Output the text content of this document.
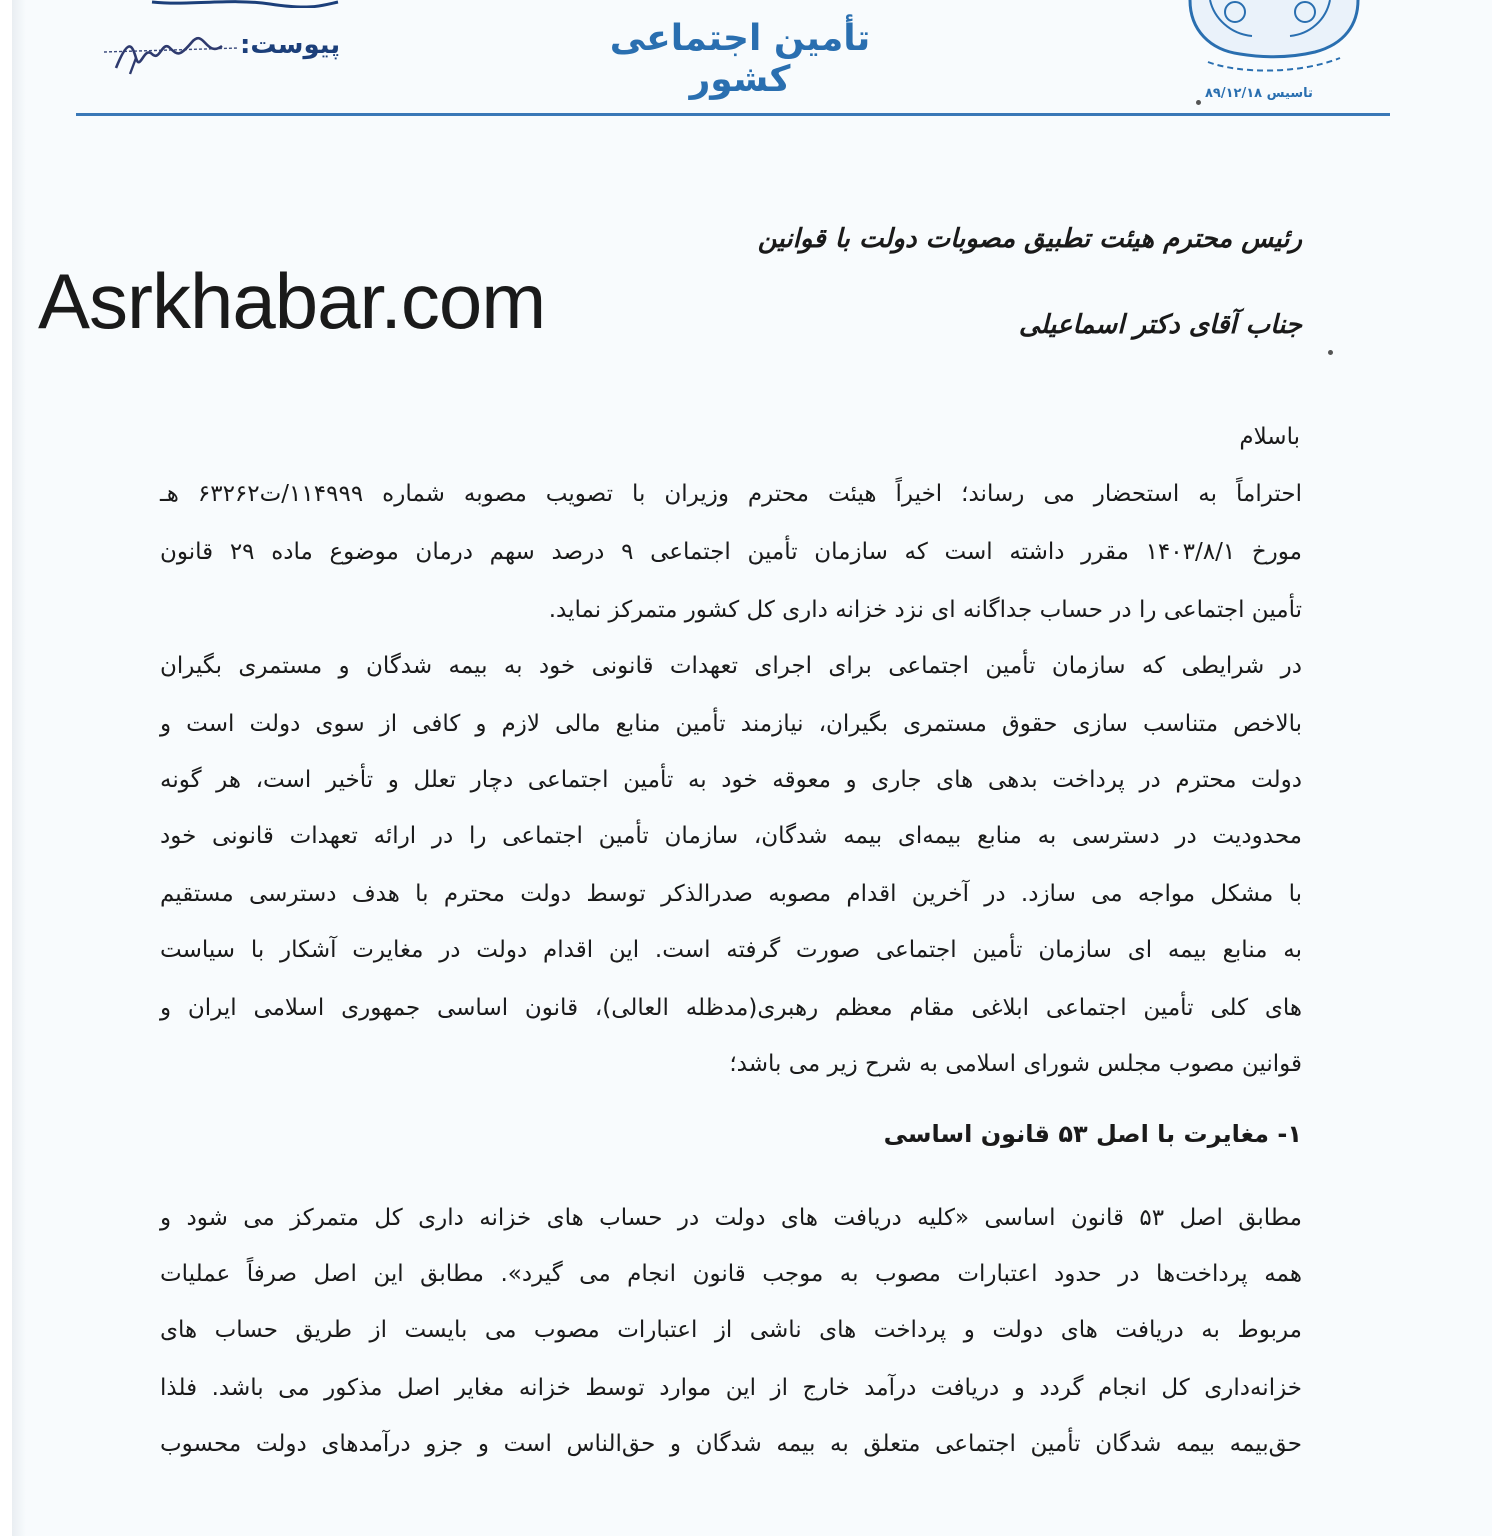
پیوست:	تأمین اجتماعی کشور	تاسیس ۸۹/۱۲/۱۸
Asrkhabar.com
رئیس محترم هیئت تطبیق مصوبات دولت با قوانین
جناب آقای دکتر اسماعیلی
باسلام
احتراماً به استحضار می رساند؛ اخیراً هیئت محترم وزیران با تصویب مصوبه شماره ۱۱۴۹۹۹/ت۶۳۲۶۲ هـ
مورخ ۱۴۰۳/۸/۱ مقرر داشته است که سازمان تأمین اجتماعی ۹ درصد سهم درمان موضوع ماده ۲۹ قانون
تأمین اجتماعی را در حساب جداگانه ای نزد خزانه داری کل کشور متمرکز نماید.
در شرایطی که سازمان تأمین اجتماعی برای اجرای تعهدات قانونی خود به بیمه شدگان و مستمری بگیران
بالاخص متناسب سازی حقوق مستمری بگیران، نیازمند تأمین منابع مالی لازم و کافی از سوی دولت است و
دولت محترم در پرداخت بدهی های جاری و معوقه خود به تأمین اجتماعی دچار تعلل و تأخیر است، هر گونه
محدودیت در دسترسی به منابع بیمه‌ای بیمه شدگان، سازمان تأمین اجتماعی را در ارائه تعهدات قانونی خود
با مشکل مواجه می سازد. در آخرین اقدام مصوبه صدرالذکر توسط دولت محترم با هدف دسترسی مستقیم
به منابع بیمه ای سازمان تأمین اجتماعی صورت گرفته است. این اقدام دولت در مغایرت آشکار با سیاست
های کلی تأمین اجتماعی ابلاغی مقام معظم رهبری(مدظله العالی)، قانون اساسی جمهوری اسلامی ایران و
قوانین مصوب مجلس شورای اسلامی به شرح زیر می باشد؛
۱- مغایرت با اصل ۵۳ قانون اساسی
مطابق اصل ۵۳ قانون اساسی «کلیه دریافت های دولت در حساب های خزانه داری کل متمرکز می شود و
همه پرداخت‌ها در حدود اعتبارات مصوب به موجب قانون انجام می گیرد». مطابق این اصل صرفاً عملیات
مربوط به دریافت های دولت و پرداخت های ناشی از اعتبارات مصوب می بایست از طریق حساب های
خزانه‌داری کل انجام گردد و دریافت درآمد خارج از این موارد توسط خزانه مغایر اصل مذکور می باشد. فلذا
حق‌بیمه بیمه شدگان تأمین اجتماعی متعلق به بیمه شدگان و حق‌الناس است و جزو درآمدهای دولت محسوب
